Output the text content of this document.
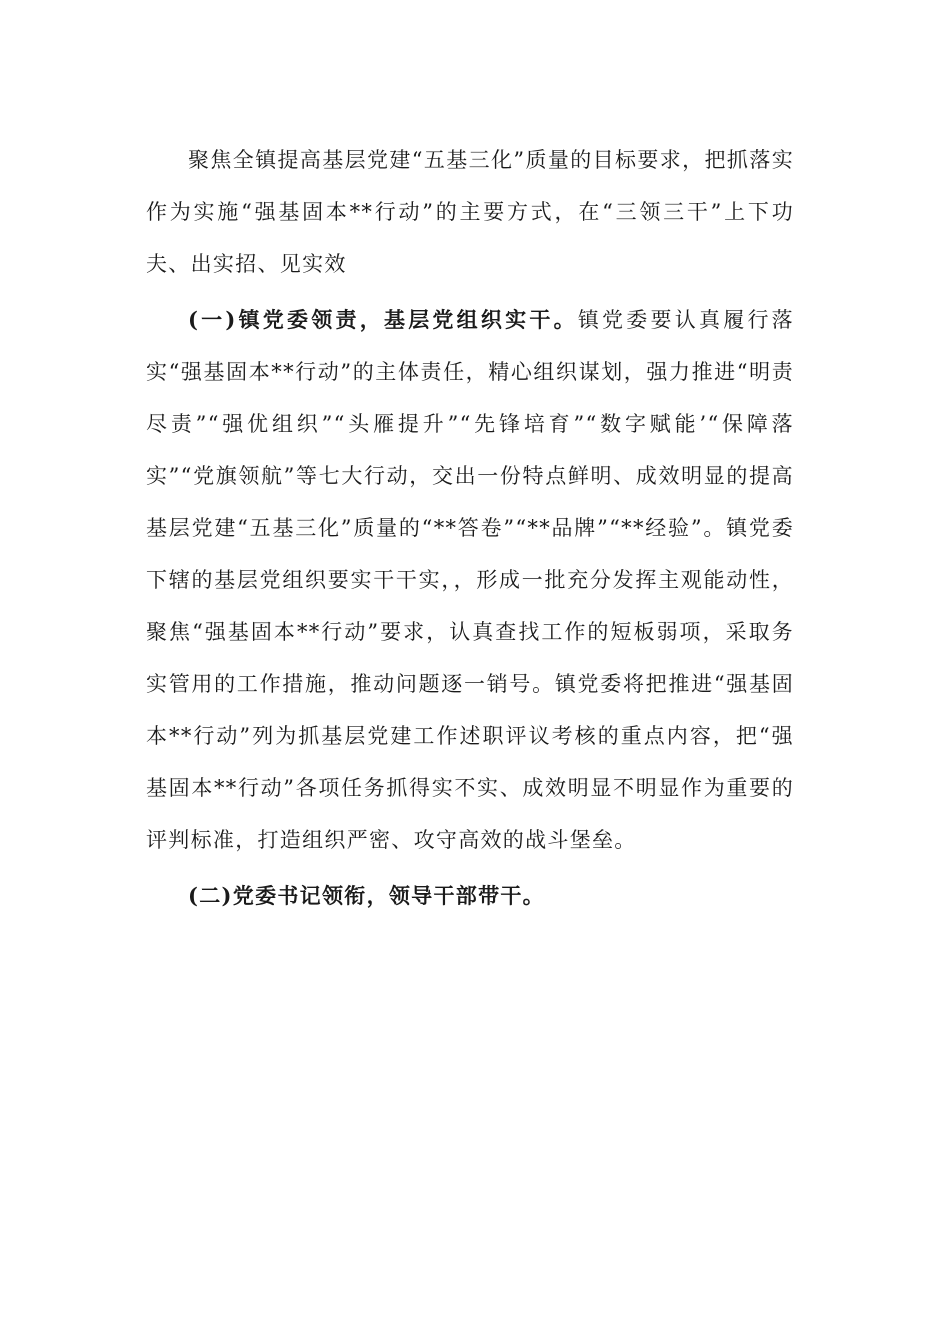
聚焦全镇提高基层党建“五基三化”质量的目标要求，把抓落实作为实施“强基固本**行动”的主要方式，在“三领三干”上下功夫、出实招、见实效

(一)镇党委领责，基层党组织实干。镇党委要认真履行落实“强基固本**行动”的主体责任，精心组织谋划，强力推进“明责尽责”“强优组织”“头雁提升”“先锋培育”“数字赋能’“保障落实”“党旗领航”等七大行动，交出一份特点鲜明、成效明显的提高基层党建“五基三化”质量的“**答卷”“**品牌”“**经验”。镇党委下辖的基层党组织要实干干实，，形成一批充分发挥主观能动性，聚焦“强基固本**行动”要求，认真查找工作的短板弱项，采取务实管用的工作措施，推动问题逐一销号。镇党委将把推进“强基固本**行动”列为抓基层党建工作述职评议考核的重点内容，把“强基固本**行动”各项任务抓得实不实、成效明显不明显作为重要的评判标准，打造组织严密、攻守高效的战斗堡垒。

(二)党委书记领衔，领导干部带干。
